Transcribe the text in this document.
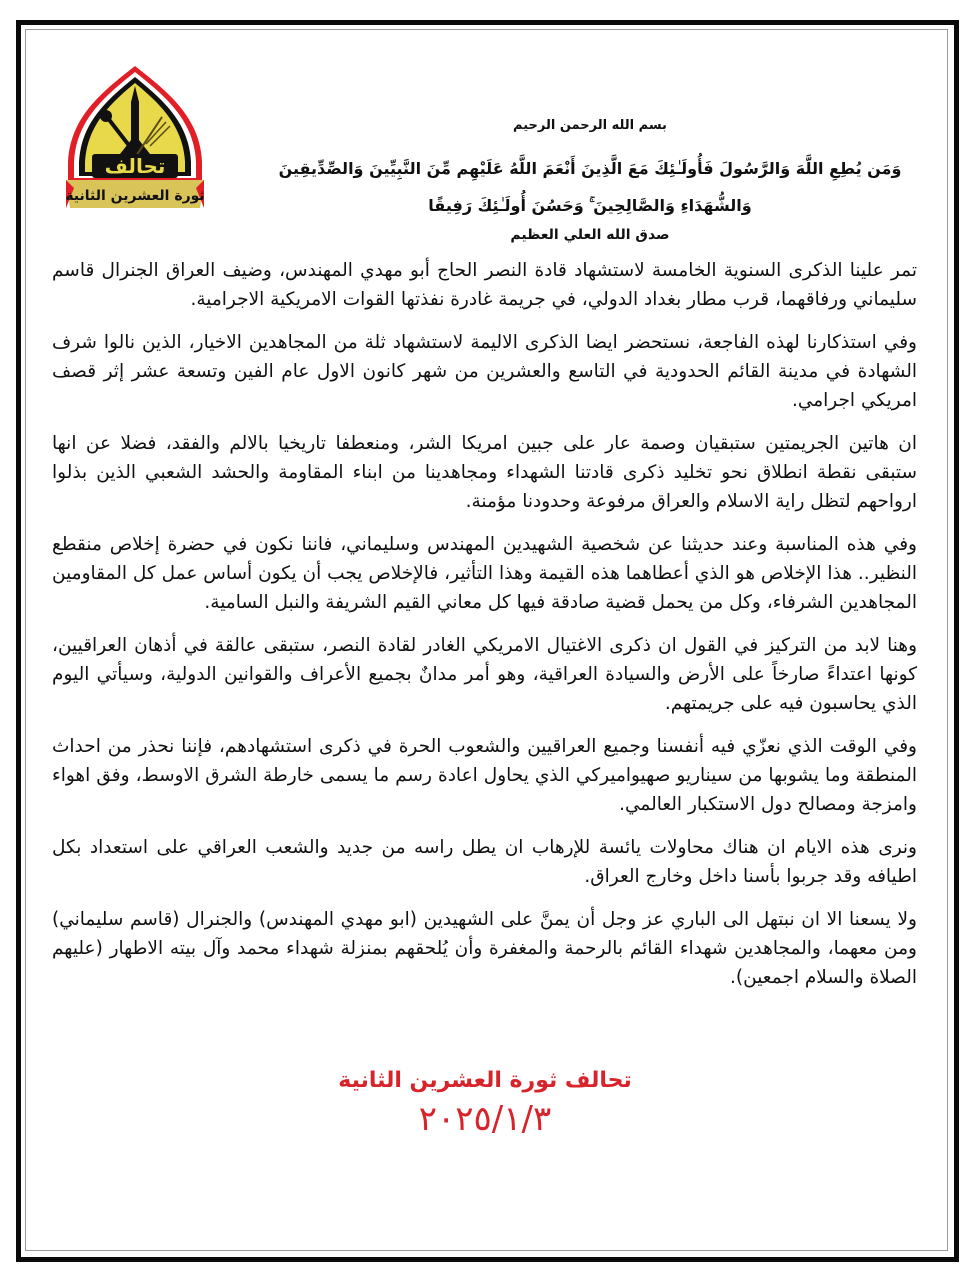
تحالف
ثورة العشرين الثانية
بسم الله الرحمن الرحيم
وَمَن يُطِعِ اللَّهَ وَالرَّسُولَ فَأُولَـٰئِكَ مَعَ الَّذِينَ أَنْعَمَ اللَّهُ عَلَيْهِم مِّنَ النَّبِيِّينَ وَالصِّدِّيقِينَ
وَالشُّهَدَاءِ وَالصَّالِحِينَ ۚ وَحَسُنَ أُولَـٰئِكَ رَفِيقًا
صدق الله العلي العظيم

تمر علينا الذكرى السنوية الخامسة لاستشهاد قادة النصر الحاج أبو مهدي المهندس، وضيف العراق الجنرال قاسم سليماني ورفاقهما، قرب مطار بغداد الدولي، في جريمة غادرة نفذتها القوات الامريكية الاجرامية.

وفي استذكارنا لهذه الفاجعة، نستحضر ايضا الذكرى الاليمة لاستشهاد ثلة من المجاهدين الاخيار، الذين نالوا شرف الشهادة في مدينة القائم الحدودية في التاسع والعشرين من شهر كانون الاول عام الفين وتسعة عشر إثر قصف امريكي اجرامي.

ان هاتين الجريمتين ستبقيان وصمة عار على جبين امريكا الشر، ومنعطفا تاريخيا بالالم والفقد، فضلا عن انها ستبقى نقطة انطلاق نحو تخليد ذكرى قادتنا الشهداء ومجاهدينا من ابناء المقاومة والحشد الشعبي الذين بذلوا ارواحهم لتظل راية الاسلام والعراق مرفوعة وحدودنا مؤمنة.

وفي هذه المناسبة وعند حديثنا عن شخصية الشهيدين المهندس وسليماني، فاننا نكون في حضرة إخلاص منقطع النظير.. هذا الإخلاص هو الذي أعطاهما هذه القيمة وهذا التأثير، فالإخلاص يجب أن يكون أساس عمل كل المقاومين المجاهدين الشرفاء، وكل من يحمل قضية صادقة فيها كل معاني القيم الشريفة والنبل السامية.

وهنا لابد من التركيز في القول ان ذكرى الاغتيال الامريكي الغادر لقادة النصر، ستبقى عالقة في أذهان العراقيين، كونها اعتداءً صارخاً على الأرض والسيادة العراقية، وهو أمر مدانٌ بجميع الأعراف والقوانين الدولية، وسيأتي اليوم الذي يحاسبون فيه على جريمتهم.

وفي الوقت الذي نعزّي فيه أنفسنا وجميع العراقيين والشعوب الحرة في ذكرى استشهادهم، فإننا نحذر من احداث المنطقة وما يشوبها من سيناريو صهيواميركي الذي يحاول اعادة رسم ما يسمى خارطة الشرق الاوسط، وفق اهواء وامزجة ومصالح دول الاستكبار العالمي.

ونرى هذه الايام ان هناك محاولات يائسة للإرهاب ان يطل راسه من جديد والشعب العراقي على استعداد بكل اطيافه وقد جربوا بأسنا داخل وخارج العراق.

ولا يسعنا الا ان نبتهل الى الباري عز وجل أن يمنَّ على الشهيدين (ابو مهدي المهندس) والجنرال (قاسم سليماني) ومن معهما، والمجاهدين شهداء القائم بالرحمة والمغفرة وأن يُلحقهم بمنزلة شهداء محمد وآل بيته الاطهار (عليهم الصلاة والسلام اجمعين).

تحالف ثورة العشرين الثانية
٢٠٢٥/١/٣
